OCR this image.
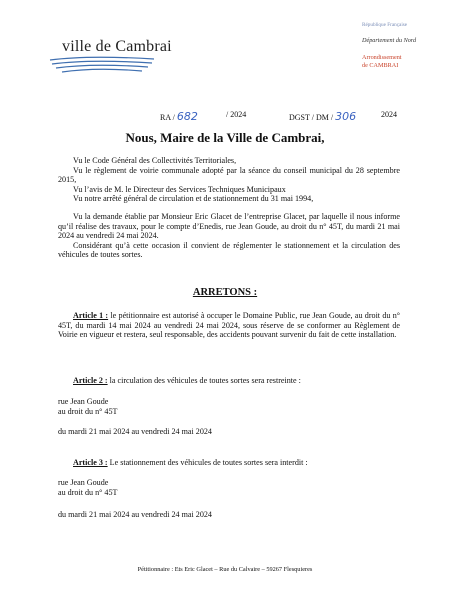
ville de Cambrai
République Française
Département du Nord
Arrondissement
de CAMBRAI
RA / 682	/ 2024	DGST / DM / 306	2024
Nous, Maire de la Ville de Cambrai,

Vu le Code Général des Collectivités Territoriales,

Vu le règlement de voirie communale adopté par la séance du conseil municipal du 28 septembre 2015,

Vu l’avis de M. le Directeur des Services Techniques Municipaux

Vu notre arrêté général de circulation et de stationnement du 31 mai 1994,

Vu la demande établie par Monsieur Eric Glacet de l’entreprise Glacet, par laquelle il nous informe qu’il réalise des travaux, pour le compte d’Enedis, rue Jean Goude, au droit du n° 45T, du mardi 21 mai 2024 au vendredi 24 mai 2024.

Considérant qu’à cette occasion il convient de réglementer le stationnement et la circulation des véhicules de toutes sortes.

ARRETONS :

Article 1 : le pétitionnaire est autorisé à occuper le Domaine Public, rue Jean Goude, au droit du n° 45T, du mardi 14 mai 2024 au vendredi 24 mai 2024, sous réserve de se conformer au Règlement de Voirie en vigueur et restera, seul responsable, des accidents pouvant survenir du fait de cette installation.

Article 2 : la circulation des véhicules de toutes sortes sera restreinte :

rue Jean Goude

au droit du n° 45T

du mardi 21 mai 2024 au vendredi 24 mai 2024

Article 3 : Le stationnement des véhicules de toutes sortes sera interdit :

rue Jean Goude

au droit du n° 45T

du mardi 21 mai 2024 au vendredi 24 mai 2024

Pétitionnaire : Ets Eric Glacet – Rue du Calvaire – 59267 Flesquieres
